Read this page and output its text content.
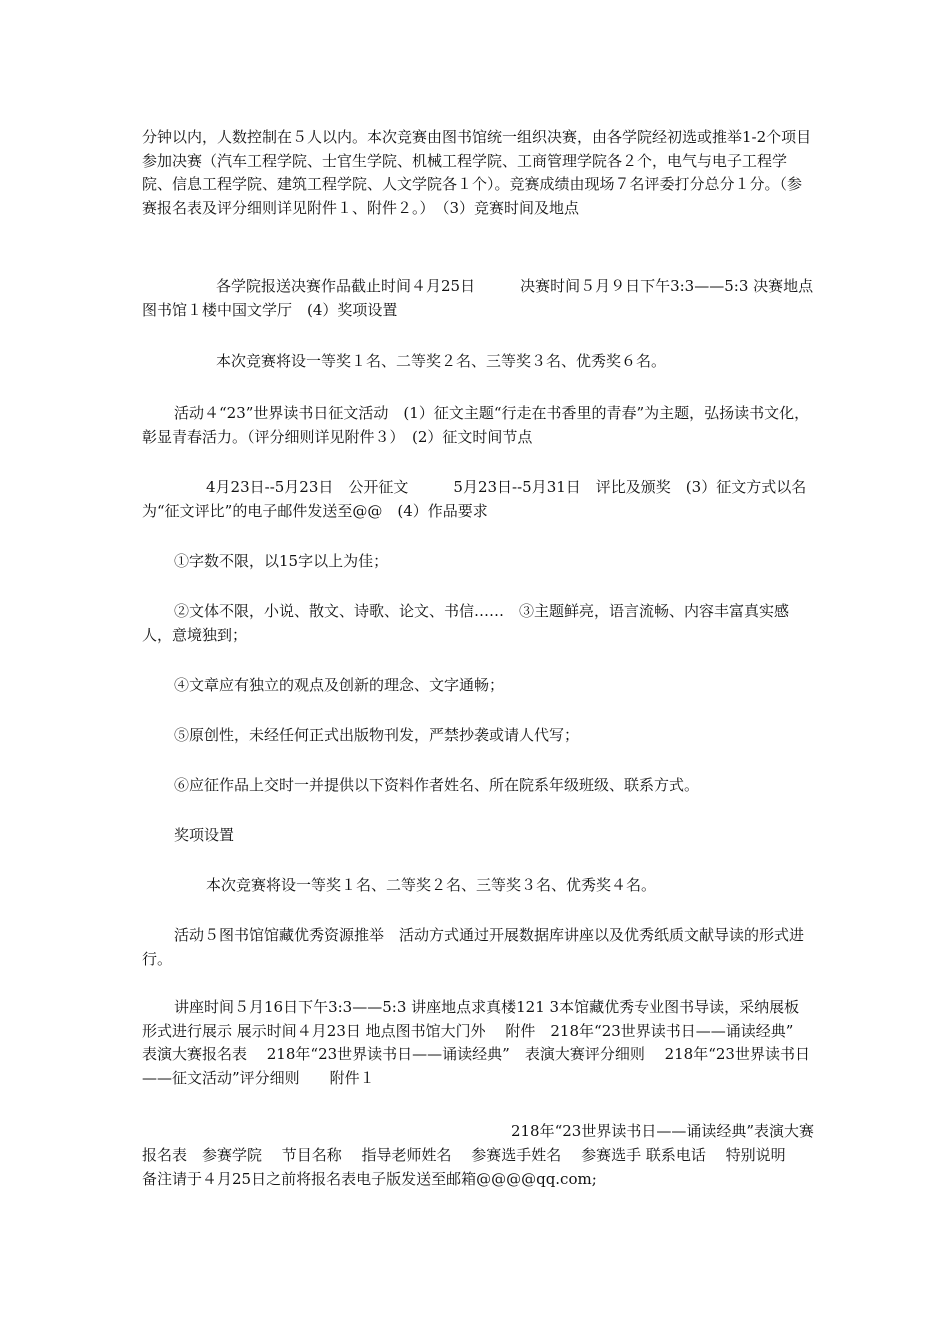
分钟以内，人数控制在５人以内。本次竞赛由图书馆统一组织决赛，由各学院经初选或推举1-2个项目参加决赛（汽车工程学院、士官生学院、机械工程学院、工商管理学院各２个，电气与电子工程学院、信息工程学院、建筑工程学院、人文学院各１个）。竞赛成绩由现场７名评委打分总分１分。（参赛报名表及评分细则详见附件１、附件２。）　（3）竞赛时间及地点

各学院报送决赛作品截止时间４月25日　　　决赛时间５月９日下午3:3——5:3 决赛地点图书馆１楼中国文学厅　(4）奖项设置

本次竞赛将设一等奖１名、二等奖２名、三等奖３名、优秀奖６名。

活动４“23”世界读书日征文活动　(1）征文主题“行走在书香里的青春”为主题，弘扬读书文化，彰显青春活力。（评分细则详见附件３）　(2）征文时间节点

4月23日--5月23日　公开征文　　　5月23日--5月31日　评比及颁奖　(3）征文方式以名为“征文评比”的电子邮件发送至@@　(4）作品要求

①字数不限，以15字以上为佳；

②文体不限，小说、散文、诗歌、论文、书信……　③主题鲜亮，语言流畅、内容丰富真实感人，意境独到；

④文章应有独立的观点及创新的理念、文字通畅；

⑤原创性，未经任何正式出版物刊发，严禁抄袭或请人代写；

⑥应征作品上交时一并提供以下资料作者姓名、所在院系年级班级、联系方式。

奖项设置

本次竞赛将设一等奖１名、二等奖２名、三等奖３名、优秀奖４名。

活动５图书馆馆藏优秀资源推举　活动方式通过开展数据库讲座以及优秀纸质文献导读的形式进行。

讲座时间５月16日下午3:3——5:3 讲座地点求真楼121 3本馆藏优秀专业图书导读，采纳展板形式进行展示 展示时间４月23日 地点图书馆大门外　 附件　218年“23世界读书日——诵读经典”　表演大赛报名表　 218年“23世界读书日——诵读经典”　表演大赛评分细则　 218年“23世界读书日——征文活动”评分细则　　附件１

218年“23世界读书日——诵读经典”表演大赛

报名表　参赛学院　 节目名称　 指导老师姓名　 参赛选手姓名　 参赛选手 联系电话　 特别说明　 备注请于４月25日之前将报名表电子版发送至邮箱@@@@qq.com;
